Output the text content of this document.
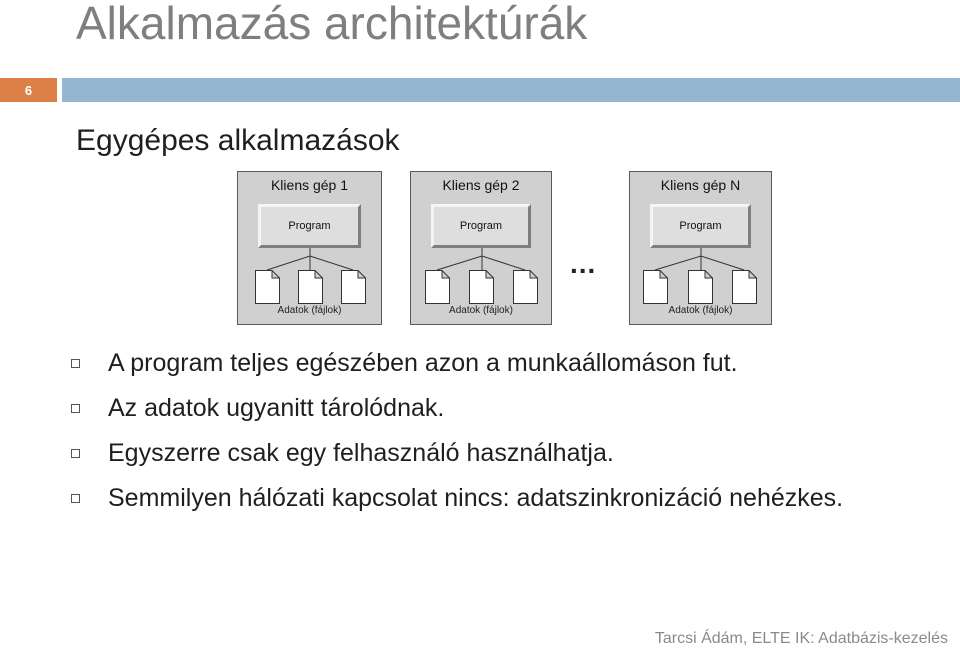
Alkalmazás architektúrák
6
Egygépes alkalmazások
Kliens gép 1
Program
Adatok (fájlok)
Kliens gép 2
Program
Adatok (fájlok)
...
Kliens gép N
Program
Adatok (fájlok)
A program teljes egészében azon a munkaállomáson fut.
Az adatok ugyanitt tárolódnak.
Egyszerre csak egy felhasználó használhatja.
Semmilyen hálózati kapcsolat nincs: adatszinkronizáció nehézkes.
Tarcsi Ádám, ELTE IK: Adatbázis-kezelés
